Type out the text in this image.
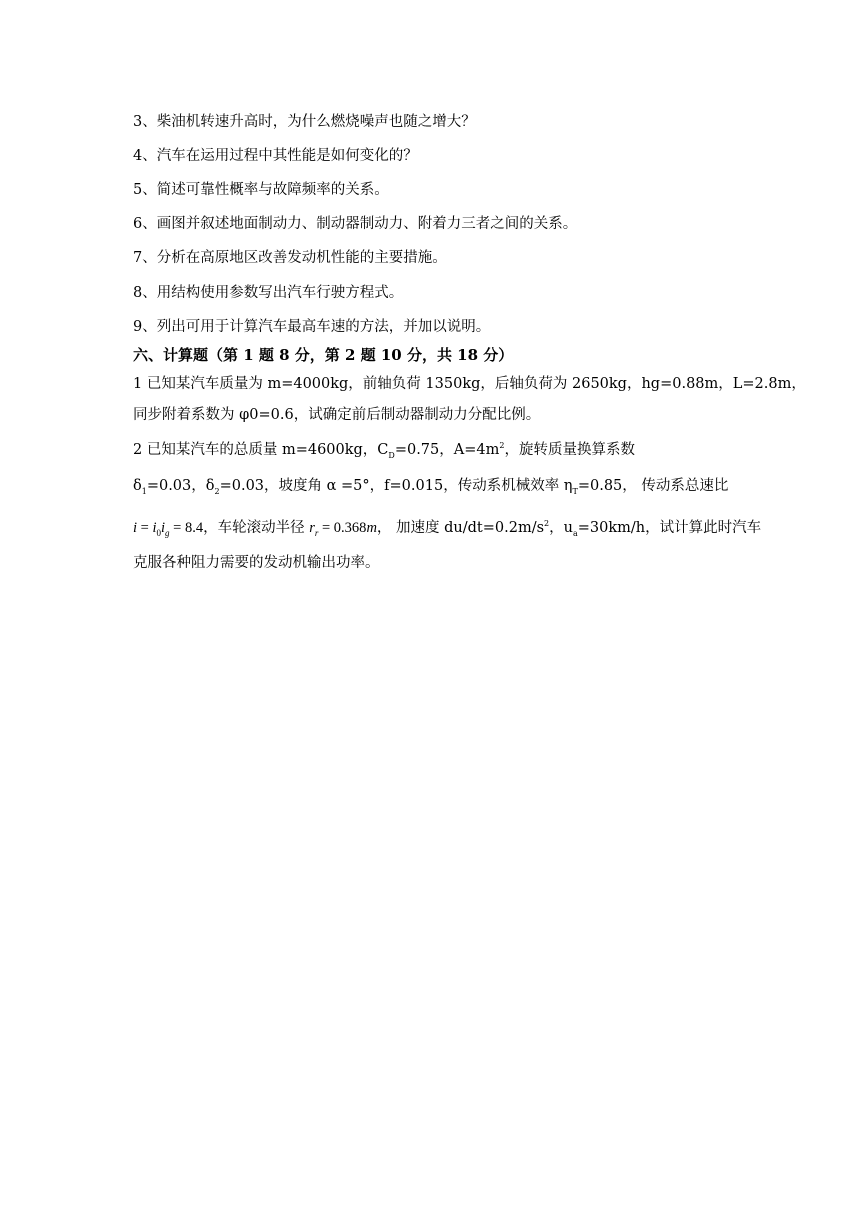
3、柴油机转速升高时，为什么燃烧噪声也随之增大？
4、汽车在运用过程中其性能是如何变化的？
5、简述可靠性概率与故障频率的关系。
6、画图并叙述地面制动力、制动器制动力、附着力三者之间的关系。
7、分析在高原地区改善发动机性能的主要措施。
8、用结构使用参数写出汽车行驶方程式。
9、列出可用于计算汽车最高车速的方法，并加以说明。
六、计算题（第 1 题 8 分，第 2 题 10 分，共 18 分）
1 已知某汽车质量为 m=4000kg，前轴负荷 1350kg，后轴负荷为 2650kg，hg=0.88m，L=2.8m，
同步附着系数为 φ0=0.6，试确定前后制动器制动力分配比例。
2 已知某汽车的总质量 m=4600kg，$C_D=0.75$，$A=4m^2$，旋转质量换算系数
$\delta_1=0.03$，$\delta_2=0.03$，坡度角 α =5°，f=0.015，传动系机械效率 $\eta_T=0.85$， 传动系总速比
$i = i_0i_g = 8.4$，车轮滚动半径 $r_r = 0.368m$， 加速度 $du/dt=0.2m/s^2$，$u_a=30km/h$，试计算此时汽车
克服各种阻力需要的发动机输出功率。
